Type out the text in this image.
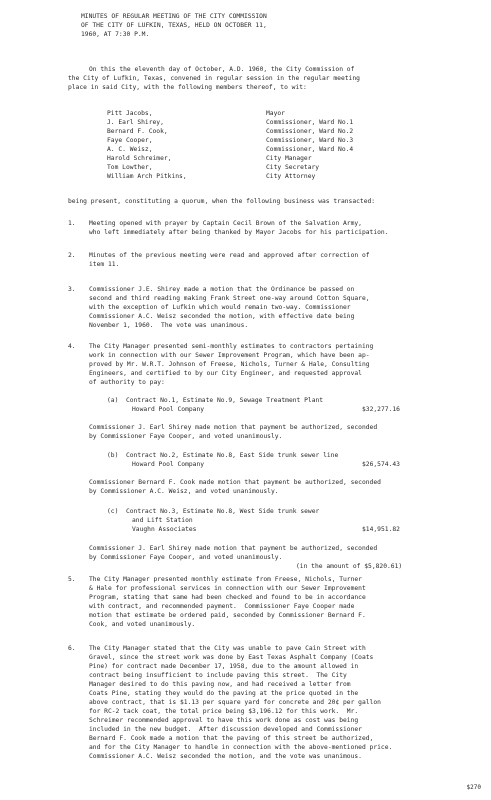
MINUTES OF REGULAR MEETING OF THE CITY COMMISSION
OF THE CITY OF LUFKIN, TEXAS, HELD ON OCTOBER 11,
1960, AT 7:30 P.M.
On this the eleventh day of October, A.D. 1960, the City Commission of
the City of Lufkin, Texas, convened in regular session in the regular meeting
place in said City, with the following members thereof, to wit:
Pitt Jacobs,	Mayor
J. Earl Shirey,	Commissioner, Ward No.1
Bernard F. Cook,	Commissioner, Ward No.2
Faye Cooper,	Commissioner, Ward No.3
A. C. Weisz,	Commissioner, Ward No.4
Harold Schreimer,	City Manager
Tom Lowther,	City Secretary
William Arch Pitkins,	City Attorney
being present, constituting a quorum, when the following business was transacted:
1. Meeting opened with prayer by Captain Cecil Brown of the Salvation Army,
who left immediately after being thanked by Mayor Jacobs for his participation.
2. Minutes of the previous meeting were read and approved after correction of
item 11.
3. Commissioner J.E. Shirey made a motion that the Ordinance be passed on
second and third reading making Frank Street one-way around Cotton Square,
with the exception of Lufkin which would remain two-way. Commissioner
Commissioner A.C. Weisz seconded the motion, with effective date being
November 1, 1960.  The vote was unanimous.
4. The City Manager presented semi-monthly estimates to contractors pertaining
work in connection with our Sewer Improvement Program, which have been ap-
proved by Mr. W.R.T. Johnson of Freese, Nichols, Turner & Hale, Consulting
Engineers, and certified to by our City Engineer, and requested approval
of authority to pay:
(a)  Contract No.1, Estimate No.9, Sewage Treatment Plant
Howard Pool Company	$32,277.16
Commissioner J. Earl Shirey made motion that payment be authorized, seconded
by Commissioner Faye Cooper, and voted unanimously.
(b)  Contract No.2, Estimate No.8, East Side trunk sewer line
Howard Pool Company	$26,574.43
Commissioner Bernard F. Cook made motion that payment be authorized, seconded
by Commissioner A.C. Weisz, and voted unanimously.
(c)  Contract No.3, Estimate No.8, West Side trunk sewer
and Lift Station
Vaughn Associates	$14,951.82
Commissioner J. Earl Shirey made motion that payment be authorized, seconded
by Commissioner Faye Cooper, and voted unanimously.
(in the amount of $5,820.61)
5. The City Manager presented monthly estimate from Freese, Nichols, Turner
& Hale for professional services in connection with our Sewer Improvement
Program, stating that same had been checked and found to be in accordance
with contract, and recommended payment.  Commissioner Faye Cooper made
motion that estimate be ordered paid, seconded by Commissioner Bernard F.
Cook, and voted unanimously.
6. The City Manager stated that the City was unable to pave Cain Street with
Gravel, since the street work was done by East Texas Asphalt Company (Coats
Pine) for contract made December 17, 1958, due to the amount allowed in
contract being insufficient to include paving this street.  The City
Manager desired to do this paving now, and had received a letter from
Coats Pine, stating they would do the paving at the price quoted in the
above contract, that is $1.13 per square yard for concrete and 20¢ per gallon
for RC-2 tack coat, the total price being $3,196.12 for this work.  Mr.
Schreimer recommended approval to have this work done as cost was being
included in the new budget.  After discussion developed and Commissioner
Bernard F. Cook made a motion that the paving of this street be authorized,
and for the City Manager to handle in connection with the above-mentioned price.
Commissioner A.C. Weisz seconded the motion, and the vote was unanimous.
$270
